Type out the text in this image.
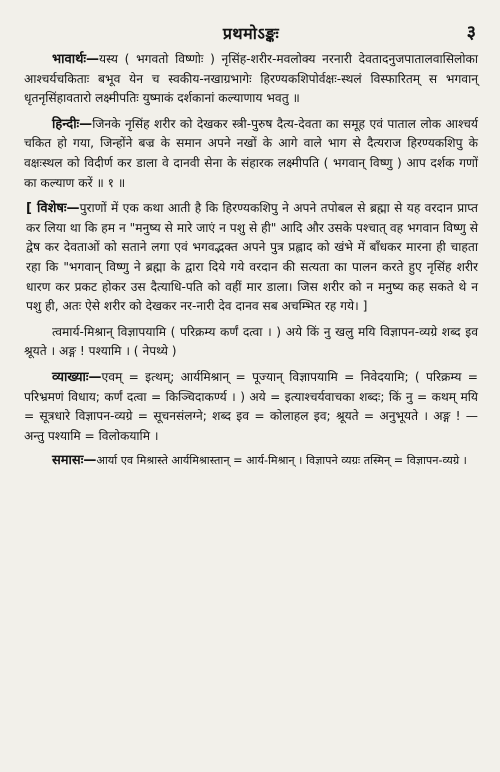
प्रथमोऽङ्कः	३

भावार्थः—यस्य ( भगवतो विष्णोः ) नृसिंह-शरीर-मवलोक्य नरनारी देवतादनुजपातालवासिलोका आश्चर्यचकिताः बभूव येन च स्वकीय-नखाग्रभागेः हिरण्यकशिपोर्वक्षः-स्थलं विस्फारितम् स भगवान् धृतनृसिंहावतारो लक्ष्मीपतिः युष्माकं दर्शकानां कल्याणाय भवतु ॥

हिन्दीः—जिनके नृसिंह शरीर को देखकर स्त्री-पुरुष दैत्य-देवता का समूह एवं पाताल लोक आश्चर्य चकित हो गया, जिन्होंने बज्र के समान अपने नखों के आगे वाले भाग से दैत्यराज हिरण्यकशिपु के वक्षःस्थल को विदीर्ण कर डाला वे दानवी सेना के संहारक लक्ष्मीपति ( भगवान् विष्णु ) आप दर्शक गणों का कल्याण करें ॥ १ ॥

[ विशेषः—पुराणों में एक कथा आती है कि हिरण्यकशिपु ने अपने तपोबल से ब्रह्मा से यह वरदान प्राप्त कर लिया था कि हम न "मनुष्य से मारे जाएं न पशु से ही" आदि और उसके पश्चात् वह भगवान विष्णु से द्वेष कर देवताओं को सताने लगा एवं भगवद्भक्त अपने पुत्र प्रह्लाद को खंभे में बाँधकर मारना ही चाहता रहा कि "भगवान् विष्णु ने ब्रह्मा के द्वारा दिये गये वरदान की सत्यता का पालन करते हुए नृसिंह शरीर धारण कर प्रकट होकर उस दैत्याधि-पति को वहीं मार डाला। जिस शरीर को न मनुष्य कह सकते थे न पशु ही, अतः ऐसे शरीर को देखकर नर-नारी देव दानव सब अचम्भित रह गये। ]

त्वमार्य-मिश्रान् विज्ञापयामि ( परिक्रम्य कर्णं दत्वा । ) अये किं नु खलु मयि विज्ञापन-व्यग्रे शब्द इव श्रूयते । अङ्ग ! पश्यामि । ( नेपथ्ये )

व्याख्याः—एवम् = इत्थम्; आर्यमिश्रान् = पूज्यान् विज्ञापयामि = निवेदयामि; ( परिक्रम्य = परिभ्रमणं विधाय; कर्णं दत्वा = किञ्चिदाकर्ण्य । ) अये = इत्याश्चर्यवाचका शब्दः; किं नु = कथम् मयि = सूत्रधारे विज्ञापन-व्यग्रे = सूचनसंलग्ने; शब्द इव = कोलाहल इव; श्रूयते = अनुभूयते । अङ्ग ! — अन्तु पश्यामि = विलोकयामि ।

समासः—आर्या एव मिश्रास्ते आर्यमिश्रास्तान् = आर्य-मिश्रान् । विज्ञापने व्यग्रः तस्मिन् = विज्ञापन-व्यग्रे ।
